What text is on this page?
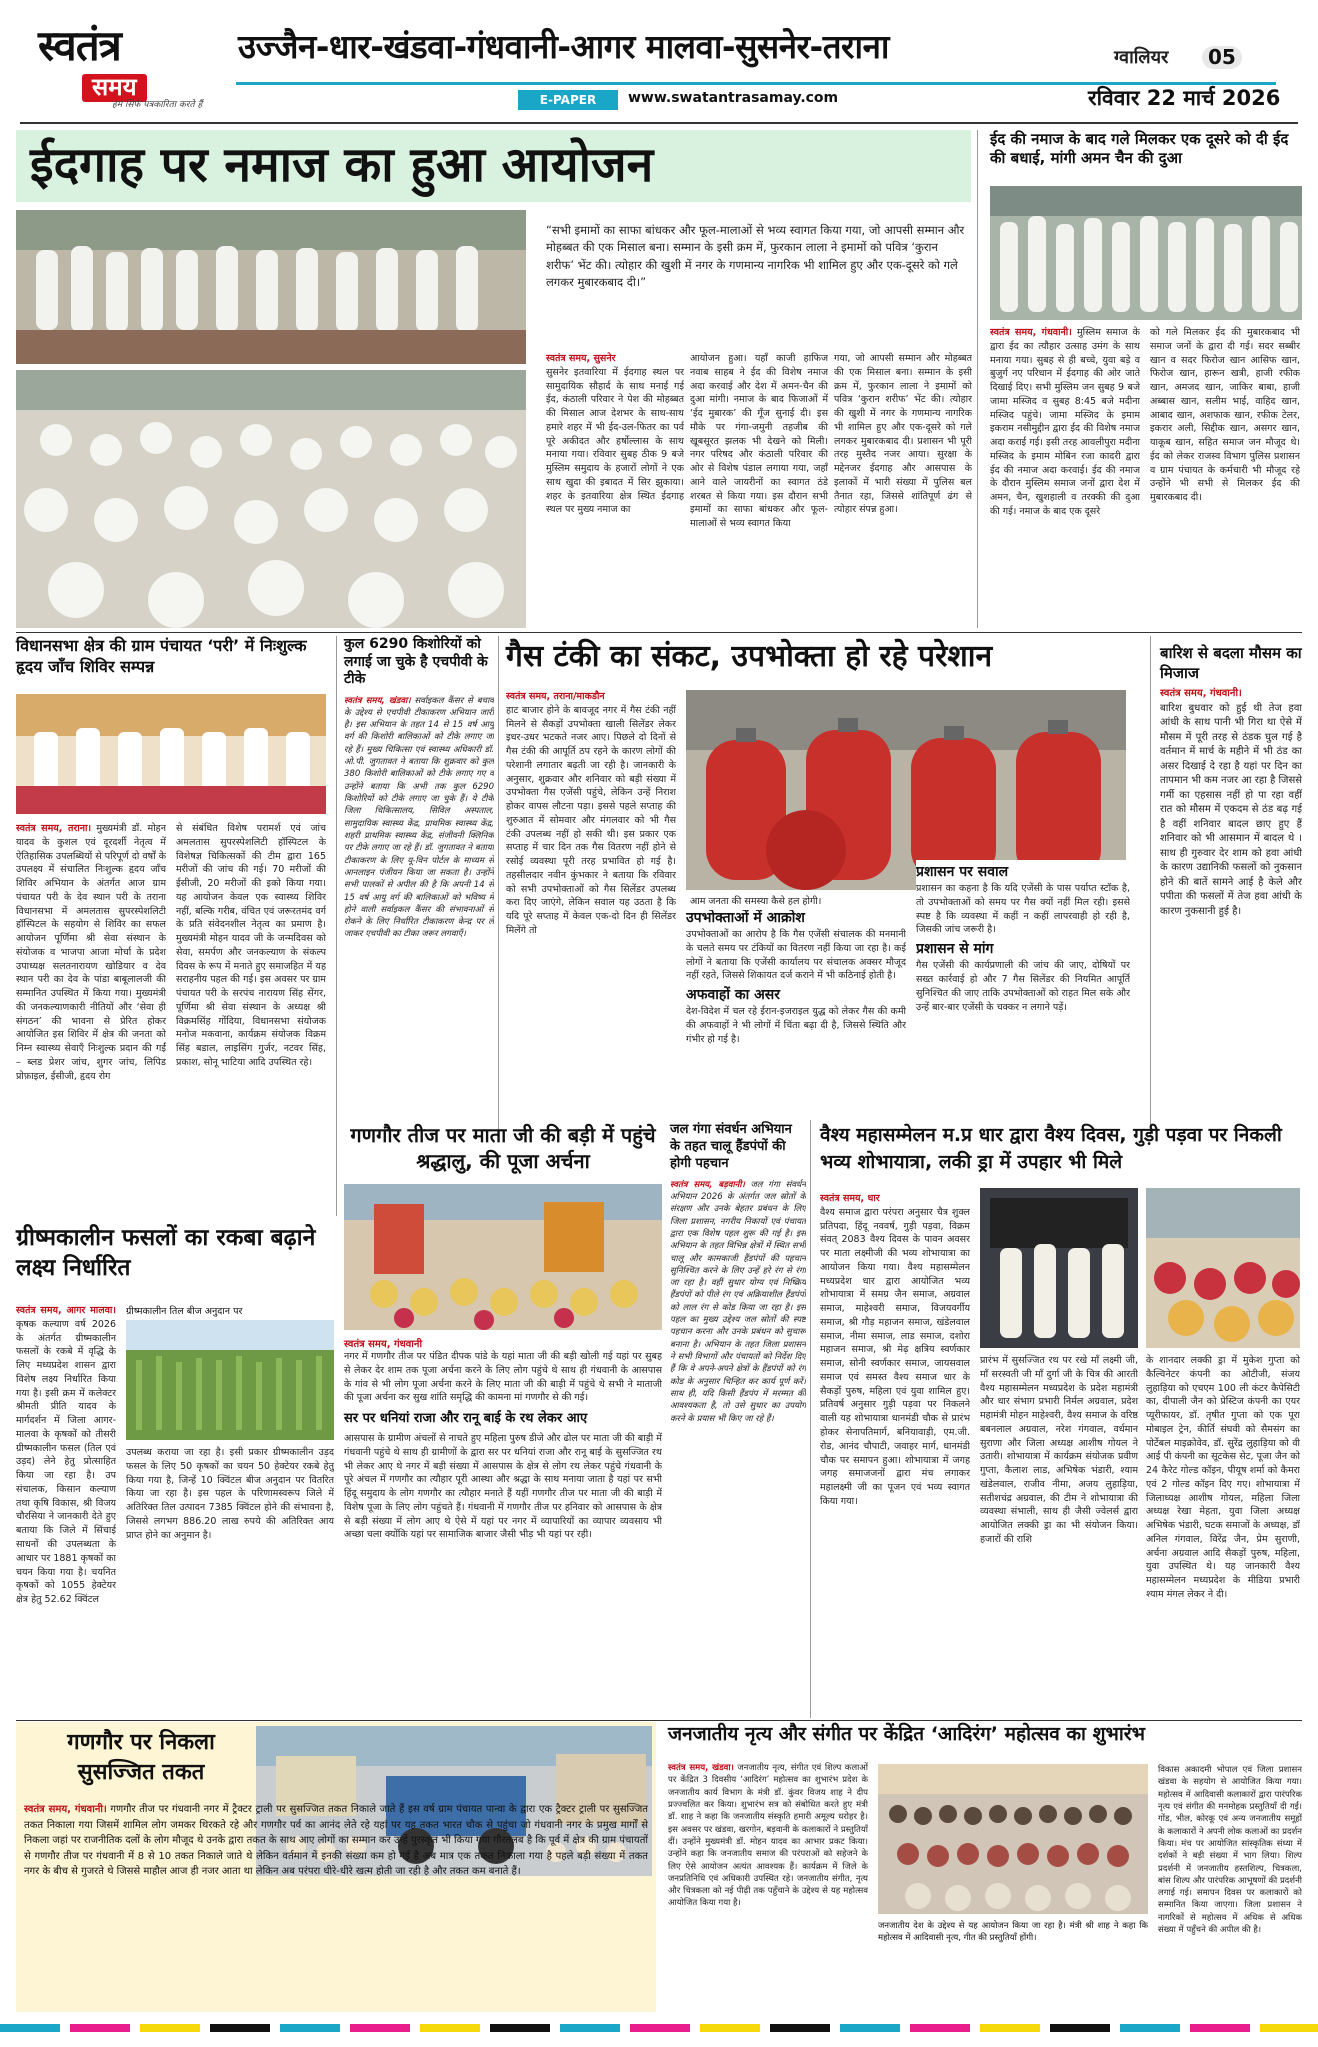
स्वतंत्र
समय
हम सिर्फ पत्रकारिता करते हैं
उज्जैन-धार-खंडवा-गंधवानी-आगर मालवा-सुसनेर-तराना	ग्वालियर	05
E-PAPER	www.swatantrasamay.com	रविवार 22 मार्च 2026
ईदगाह पर नमाज का हुआ आयोजन
“सभी इमामों का साफा बांधकर और फूल-मालाओं से भव्य स्वागत किया गया, जो आपसी सम्मान और मोहब्बत की एक मिसाल बना। सम्मान के इसी क्रम में, फुरकान लाला ने इमामों को पवित्र ‘कुरान शरीफ’ भेंट की। त्योहार की खुशी में नगर के गणमान्य नागरिक भी शामिल हुए और एक-दूसरे को गले लगकर मुबारकबाद दी।”
स्वतंत्र समय, सुसनेर
सुसनेर इतवारिया में ईदगाह स्थल पर सामुदायिक सौहार्द के साथ मनाई गई ईद, कंठाली परिवार ने पेश की मोहब्बत की मिसाल आज देशभर के साथ-साथ हमारे शहर में भी ईद-उल-फितर का पर्व पूरे अकीदत और हर्षोल्लास के साथ मनाया गया। रविवार सुबह ठीक 9 बजे मुस्लिम समुदाय के हजारों लोगों ने एक साथ खुदा की इबादत में सिर झुकाया। शहर के इतवारिया क्षेत्र स्थित ईदगाह स्थल पर मुख्य नमाज का
आयोजन हुआ। यहाँ काजी हाफिज नवाब साहब ने ईद की विशेष नमाज अदा करवाई और देश में अमन-चैन की दुआ मांगी। नमाज के बाद फिजाओं में ‘ईद मुबारक’ की गूँज सुनाई दी। इस मौके पर गंगा-जमुनी तहजीब की खूबसूरत झलक भी देखने को मिली। नगर परिषद और कंठाली परिवार की ओर से विशेष पंडाल लगाया गया, जहाँ आने वाले जायरीनों का स्वागत ठंडे शरबत से किया गया। इस दौरान सभी इमामों का साफा बांधकर और फूल-मालाओं से भव्य स्वागत किया
गया, जो आपसी सम्मान और मोहब्बत की एक मिसाल बना। सम्मान के इसी क्रम में, फुरकान लाला ने इमामों को पवित्र ‘कुरान शरीफ’ भेंट की। त्योहार की खुशी में नगर के गणमान्य नागरिक भी शामिल हुए और एक-दूसरे को गले लगकर मुबारकबाद दी। प्रशासन भी पूरी तरह मुस्तैद नजर आया। सुरक्षा के मद्देनजर ईदगाह और आसपास के इलाकों में भारी संख्या में पुलिस बल तैनात रहा, जिससे शांतिपूर्ण ढंग से त्योहार संपन्न हुआ।
ईद की नमाज के बाद गले मिलकर एक दूसरे को दी ईद की बधाई, मांगी अमन चैन की दुआ
स्वतंत्र समय, गंधवानी। मुस्लिम समाज के द्वारा ईद का त्यौहार उत्साह उमंग के साथ मनाया गया। सुबह से ही बच्चे, युवा बड़े व बुजुर्ग नए परिधान में ईदगाह की ओर जाते दिखाई दिए। सभी मुस्लिम जन सुबह 9 बजे जामा मस्जिद व सुबह 8:45 बजे मदीना मस्जिद पहुंचे। जामा मस्जिद के इमाम इकराम नसीमुद्दीन द्वारा ईद की विशेष नमाज अदा कराई गई। इसी तरह आवलीपुरा मदीना मस्जिद के इमाम मोबिन रजा कादरी द्वारा ईद की नमाज अदा करवाई। ईद की नमाज के दौरान मुस्लिम समाज जनों द्वारा देश में अमन, चैन, खुशहाली व तरक्की की दुआ की गई। नमाज के बाद एक दूसरे
को गले मिलकर ईद की मुबारकबाद भी समाज जनों के द्वारा दी गई। सदर सब्बीर खान व सदर फिरोज खान आसिफ खान, फिरोज खान, हारून खत्री, हाजी रफीक खान, अमजद खान, जाकिर बाबा, हाजी अब्बास खान, सलीम भाई, वाहिद खान, आबाद खान, अशफाक खान, रफीक टेलर, इकरार अली, सिद्दीक खान, असगर खान, याकूब खान, सहित समाज जन मौजूद थे। ईद को लेकर राजस्व विभाग पुलिस प्रशासन व ग्राम पंचायत के कर्मचारी भी मौजूद रहे उन्होंने भी सभी से मिलकर ईद की मुबारकबाद दी।
विधानसभा क्षेत्र की ग्राम पंचायत ‘परी’ में निःशुल्क हृदय जाँच शिविर सम्पन्न
स्वतंत्र समय, तराना। मुख्यमंत्री डॉ. मोहन यादव के कुशल एवं दूरदर्शी नेतृत्व में ऐतिहासिक उपलब्धियों से परिपूर्ण दो वर्षों के उपलक्ष्य में संचालित निःशुल्क हृदय जाँच शिविर अभियान के अंतर्गत आज ग्राम पंचायत परी के देव स्थान परी के तराना विधानसभा में अमलतास सुपरस्पेशलिटी हॉस्पिटल के सहयोग से शिविर का सफल आयोजन पूर्णिमा श्री सेवा संस्थान के संयोजक व भाजपा आजा मोर्चा के प्रदेश उपाध्यक्ष सलतनारायण खोडियार व देव स्थान परी का देव के पांडा बाबूलालजी की सम्मानित उपस्थित में किया गया। मुख्यमंत्री की जनकल्याणकारी नीतियों और ‘सेवा ही संगठन’ की भावना से प्रेरित होकर आयोजित इस शिविर में क्षेत्र की जनता को निम्न स्वास्थ्य सेवाएँ निःशुल्क प्रदान की गईं – ब्लड प्रेशर जांच, शुगर जांच, लिपिड प्रोफ़ाइल, ईसीजी, हृदय रोग
से संबंधित विशेष परामर्श एवं जांच अमलतास सुपरस्पेशलिटी हॉस्पिटल के विशेषज्ञ चिकित्सकों की टीम द्वारा 165 मरीजों की जांच की गई। 70 मरीजों की ईसीजी, 20 मरीजों की इको किया गया। यह आयोजन केवल एक स्वास्थ्य शिविर नहीं, बल्कि गरीब, वंचित एवं जरूरतमंद वर्ग के प्रति संवेदनशील नेतृत्व का प्रमाण है। मुख्यमंत्री मोहन यादव जी के जन्मदिवस को सेवा, समर्पण और जनकल्याण के संकल्प दिवस के रूप में मनाते हुए समाजहित में यह सराहनीय पहल की गई। इस अवसर पर ग्राम पंचायत परी के सरपंच नारायण सिंह सेंगर, पूर्णिमा श्री सेवा संस्थान के अध्यक्ष श्री विक्रमसिंह गोंदिया, विधानसभा संयोजक मनोज मकवाना, कार्यक्रम संयोजक विक्रम सिंह बडाल, लाइसिंग गुर्जर, नटवर सिंह, प्रकाश, सोनू भाटिया आदि उपस्थित रहे।
कुल 6290 किशोरियों को लगाई जा चुके है एचपीवी के टीके
स्वतंत्र समय, खंडवा। सर्वाइकल कैंसर से बचाव के उद्देश्य से एचपीवी टीकाकरण अभियान जारी है। इस अभियान के तहत 14 से 15 वर्ष आयु वर्ग की किशोरी बालिकाओं को टीके लगाए जा रहे हैं। मुख्य चिकित्सा एवं स्वास्थ्य अधिकारी डॉ. ओ.पी. जुगतावत ने बताया कि शुक्रवार को कुल 380 किशोरी बालिकाओं को टीके लगाए गए व उन्होंने बताया कि अभी तक कुल 6290 किशोरियों को टीके लगाए जा चुके हैं। ये टीके जिला चिकित्सालय, सिविल अस्पताल, सामुदायिक स्वास्थ्य केंद्र, प्राथमिक स्वास्थ्य केंद्र, शहरी प्राथमिक स्वास्थ्य केंद्र, संजीवनी क्लिनिक पर टीके लगाए जा रहे हैं। डॉ. जुगतावत ने बताया टीकाकरण के लिए यू-विन पोर्टल के माध्यम से आनलाइन पंजीयन किया जा सकता है। उन्होंने सभी पालकों से अपील की है कि अपनी 14 से 15 वर्ष आयु वर्ग की बालिकाओं को भविष्य में होने वाली सर्वाइकल कैंसर की संभावनाओं से रोकने के लिए निर्धारित टीकाकरण केन्द्र पर ले जाकर एचपीवी का टीका जरूर लगवाएँ।
गैस टंकी का संकट, उपभोक्ता हो रहे परेशान
स्वतंत्र समय, तराना/माकडौन
हाट बाजार होने के बावजूद नगर में गैस टंकी नहीं मिलने से सैकड़ों उपभोक्ता खाली सिलेंडर लेकर इधर-उधर भटकते नजर आए। पिछले दो दिनों से गैस टंकी की आपूर्ति ठप रहने के कारण लोगों की परेशानी लगातार बढ़ती जा रही है। जानकारी के अनुसार, शुक्रवार और शनिवार को बड़ी संख्या में उपभोक्ता गैस एजेंसी पहुंचे, लेकिन उन्हें निराश होकर वापस लौटना पड़ा। इससे पहले सप्ताह की शुरुआत में सोमवार और मंगलवार को भी गैस टंकी उपलब्ध नहीं हो सकी थी। इस प्रकार एक सप्ताह में चार दिन तक गैस वितरण नहीं होने से रसोई व्यवस्था पूरी तरह प्रभावित हो गई है। तहसीलदार नवीन कुंभकार ने बताया कि रविवार को सभी उपभोक्ताओं को गैस सिलेंडर उपलब्ध करा दिए जाएंगे, लेकिन सवाल यह उठता है कि यदि पूरे सप्ताह में केवल एक-दो दिन ही सिलेंडर मिलेंगे तो
आम जनता की समस्या कैसे हल होगी।
उपभोक्ताओं में आक्रोश
उपभोक्ताओं का आरोप है कि गैस एजेंसी संचालक की मनमानी के चलते समय पर टंकियों का वितरण नहीं किया जा रहा है। कई लोगों ने बताया कि एजेंसी कार्यालय पर संचालक अक्सर मौजूद नहीं रहते, जिससे शिकायत दर्ज कराने में भी कठिनाई होती है।
अफवाहों का असर
देश-विदेश में चल रहे ईरान-इजराइल युद्ध को लेकर गैस की कमी की अफवाहों ने भी लोगों में चिंता बढ़ा दी है, जिससे स्थिति और गंभीर हो गई है।
प्रशासन पर सवाल
प्रशासन का कहना है कि यदि एजेंसी के पास पर्याप्त स्टॉक है, तो उपभोक्ताओं को समय पर गैस क्यों नहीं मिल रही। इससे स्पष्ट है कि व्यवस्था में कहीं न कहीं लापरवाही हो रही है, जिसकी जांच जरूरी है।
प्रशासन से मांग
गैस एजेंसी की कार्यप्रणाली की जांच की जाए, दोषियों पर सख्त कार्रवाई हो और 7 गैस सिलेंडर की नियमित आपूर्ति सुनिश्चित की जाए ताकि उपभोक्ताओं को राहत मिल सके और उन्हें बार-बार एजेंसी के चक्कर न लगाने पड़ें।
बारिश से बदला मौसम का मिजाज
स्वतंत्र समय, गंधवानी।
बारिश बुधवार को हुई थी तेज हवा आंधी के साथ पानी भी गिरा था ऐसे में मौसम में पूरी तरह से ठंडक घुल गई है वर्तमान में मार्च के महीने में भी ठंड का असर दिखाई दे रहा है यहां पर दिन का तापमान भी कम नजर आ रहा है जिससे गर्मी का एहसास नहीं हो पा रहा वहीं रात को मौसम में एकदम से ठंड बढ़ गई है वहीं शनिवार बादल छाए हुए हैं शनिवार को भी आसमान में बादल थे । साथ ही गुरुवार देर शाम को हवा आंधी के कारण उद्यानिकी फसलों को नुकसान होने की बातें सामने आई है केले और पपीता की फसलों में तेज हवा आंधी के कारण नुकसानी हुई है।
गणगौर तीज पर माता जी की बड़ी में पहुंचे श्रद्धालु, की पूजा अर्चना
स्वतंत्र समय, गंधवानी
नगर में गणगौर तीज पर पंडित दीपक पांडे के यहां माता जी की बड़ी खोली गई यहां पर सुबह से लेकर देर शाम तक पूजा अर्चना करने के लिए लोग पहुंचे थे साथ ही गंधवानी के आसपास के गांव से भी लोग पूजा अर्चना करने के लिए माता जी की बाड़ी में पहुंचे थे सभी ने माताजी की पूजा अर्चना कर सुख शांति समृद्धि की कामना मां गणगौर से की गई।
सर पर धनियां राजा और रानू बाई के रथ लेकर आए
आसपास के ग्रामीण अंचलों से नाचते हुए महिला पुरुष डीजे और ढोल पर माता जी की बाड़ी में गंधवानी पहुंचे थे साथ ही ग्रामीणों के द्वारा सर पर धनियां राजा और रानू बाई के सुसज्जित रथ भी लेकर आए थे नगर में बड़ी संख्या में आसपास के क्षेत्र से लोग रथ लेकर पहुंचे गंधवानी के पूरे अंचल में गणगौर का त्यौहार पूरी आस्था और श्रद्धा के साथ मनाया जाता है यहां पर सभी हिंदू समुदाय के लोग गणगौर का त्यौहार मनाते हैं यहीं गणगौर तीज पर माता जी की बाड़ी में विशेष पूजा के लिए लोग पहुंचते हैं। गंधवानी में गणगौर तीज पर हनिवार को आसपास के क्षेत्र से बड़ी संख्या में लोग आए थे ऐसे में यहां पर नगर में व्यापारियों का व्यापार व्यवसाय भी अच्छा चला क्योंकि यहां पर सामाजिक बाजार जैसी भीड़ भी यहां पर रही।
जल गंगा संवर्धन अभियान के तहत चालू हैंडपंपों की होगी पहचान
स्वतंत्र समय, बड़वानी। जल गंगा संवर्धन अभियान 2026 के अंतर्गत जल स्रोतों के संरक्षण और उनके बेहतर प्रबंधन के लिए जिला प्रशासन, नगरीय निकायों एवं पंचायत द्वारा एक विशेष पहल शुरू की गई है। इस अभियान के तहत विभिन्न क्षेत्रों में स्थित सभी चालू और कामकाजी हैंडपंपों की पहचान सुनिश्चित करने के लिए उन्हें हरे रंग से रंगा जा रहा है। वहीं सुधार योग्य एवं निष्क्रिय हैंडपंपों को पीले रंग एवं अक्रियाशील हैंडपंपों को लाल रंग से कोड किया जा रहा है। इस पहल का मुख्य उद्देश्य जल स्रोतों की स्पष्ट पहचान करना और उनके प्रबंधन को सुचारू बनाना है। अभियान के तहत जिला प्रशासन ने सभी विभागों और पंचायतों को निर्देश दिए हैं कि वे अपने-अपने क्षेत्रों के हैंडपंपों को रंग कोड के अनुसार चिन्हित कर कार्य पूर्ण करें। साथ ही, यदि किसी हैंडपंप में मरम्मत की आवश्यकता है, तो उसे सुधार का उपयोग करने के प्रयास भी किए जा रहे हैं।
वैश्य महासम्मेलन म.प्र धार द्वारा वैश्य दिवस, गुड़ी पड़वा पर निकली भव्य शोभायात्रा, लकी ड्रा में उपहार भी मिले
स्वतंत्र समय, धार
वैश्य समाज द्वारा परंपरा अनुसार चैत्र शुक्ल प्रतिपदा, हिंदू नववर्ष, गुड़ी पड़वा, विक्रम संवत् 2083 वैश्य दिवस के पावन अवसर पर माता लक्ष्मीजी की भव्य शोभायात्रा का आयोजन किया गया। वैश्य महासम्मेलन मध्यप्रदेश धार द्वारा आयोजित भव्य शोभायात्रा में समग्र जैन समाज, अग्रवाल समाज, माहेश्वरी समाज, विजयवर्गीय समाज, श्री गौड़ महाजन समाज, खंडेलवाल समाज, नीमा समाज, लाड समाज, दशोरा महाजन समाज, श्री मेढ़ क्षत्रिय स्वर्णकार समाज, सोनी स्वर्णकार समाज, जायसवाल समाज एवं समस्त वैश्य समाज धार के सैकड़ों पुरुष, महिला एवं युवा शामिल हुए। प्रतिवर्ष अनुसार गुड़ी पड़वा पर निकलने वाली यह शोभायात्रा धानमंडी चौक से प्रारंभ होकर सेनापतिमार्ग, बनियावाड़ी, एम.जी. रोड, आनंद चौपाटी, जवाहर मार्ग, धानमंडी चौक पर समापन हुआ। शोभायात्रा में जगह जगह समाजजनों द्वारा मंच लगाकर महालक्ष्मी जी का पूजन एवं भव्य स्वागत किया गया।
प्रारंभ में सुसज्जित रथ पर रखे माँ लक्ष्मी जी, माँ सरस्वती जी माँ दुर्गा जी के चित्र की आरती वैश्य महासम्मेलन मध्यप्रदेश के प्रदेश महामंत्री और धार संभाग प्रभारी निर्मल अग्रवाल, प्रदेश महामंत्री मोहन माहेश्वरी, वैश्य समाज के वरिष्ठ बबनलाल अग्रवाल, नरेश गंगवाल, वर्धमान सुराणा और जिला अध्यक्ष आशीष गोयल ने उतारी। शोभायात्रा में कार्यक्रम संयोजक प्रवीण गुप्ता, कैलाश लाड, अभिषेक भंडारी, श्याम खंडेलवाल, राजीव नीमा, अजय लुहाड़िया, सतीशचंद्र अग्रवाल, की टीम ने शोभायात्रा की व्यवस्था संभाली, साथ ही जैसी ज्वेलर्स द्वारा आयोजित लक्की ड्रा का भी संयोजन किया। हजारों की राशि
के शानदार लक्की ड्रा में मुकेश गुप्ता को कैल्विनेटर कंपनी का ओटीजी, संजय लुहाड़िया को एचएम 100 ली कंटर कैपेसिटी का, दीपाली जैन को प्रेस्टिज कंपनी का एयर प्यूरीफायर, डॉ. तृषीत गुप्ता को एक पूरा मोबाइल ट्रेन, कीर्ति संघवी को सैमसंग का पोर्टेबल माइक्रोवेव, डॉ. सुरेंद्र लुहाड़िया को वी आई पी कंपनी का सूटकेस सेट, पूजा जैन को 24 कैरेट गोल्ड कॉइन, पीयूष शर्मा को कैमरा एवं 2 गोल्ड कॉइन दिए गए। शोभायात्रा में जिलाध्यक्ष आशीष गोयल, महिला जिला अध्यक्ष रेखा मेहता, युवा जिला अध्यक्ष अभिषेक भंडारी, घटक समाजों के अध्यक्ष, डॉ अनिल गंगवाल, विरेंद्र जैन, प्रेम सुराणी, अर्चना अग्रवाल आदि सैकड़ों पुरुष, महिला, युवा उपस्थित थे। यह जानकारी वैश्य महासम्मेलन मध्यप्रदेश के मीडिया प्रभारी श्याम मंगल लेकर ने दी।
ग्रीष्मकालीन फसलों का रकबा बढ़ाने लक्ष्य निर्धारित
स्वतंत्र समय, आगर मालवा। कृषक कल्याण वर्ष 2026 के अंतर्गत ग्रीष्मकालीन फसलों के रकबे में वृद्धि के लिए मध्यप्रदेश शासन द्वारा विशेष लक्ष्य निर्धारित किया गया है। इसी क्रम में कलेक्टर श्रीमती प्रीति यादव के मार्गदर्शन में जिला आगर-मालवा के कृषकों को तीसरी ग्रीष्मकालीन फसल (तिल एवं उड़द) लेने हेतु प्रोत्साहित किया जा रहा है। उप संचालक, किसान कल्याण तथा कृषि विकास, श्री विजय चौरसिया ने जानकारी देते हुए बताया कि जिले में सिंचाई साधनों की उपलब्धता के आधार पर 1881 कृषकों का चयन किया गया है। चयनित कृषकों को 1055 हेक्टेयर क्षेत्र हेतु 52.62 क्विंटल
ग्रीष्मकालीन तिल बीज अनुदान पर
उपलब्ध कराया जा रहा है। इसी प्रकार ग्रीष्मकालीन उड़द फसल के लिए 50 कृषकों का चयन 50 हेक्टेयर रकबे हेतु किया गया है, जिन्हें 10 क्विंटल बीज अनुदान पर वितरित किया जा रहा है। इस पहल के परिणामस्वरूप जिले में अतिरिक्त तिल उत्पादन 7385 क्विंटल होने की संभावना है, जिससे लगभग 886.20 लाख रुपये की अतिरिक्त आय प्राप्त होने का अनुमान है।
गणगौर पर निकला सुसज्जित तकत
स्वतंत्र समय, गंधवानी। गणगौर तीज पर गंधवानी नगर में ट्रैक्टर ट्राली पर सुसज्जित तकत निकाले जाते हैं इस वर्ष ग्राम पंचायत पान्वा के द्वारा एक ट्रैक्टर ट्राली पर सुसज्जित तकत निकाला गया जिसमें शामिल लोग जमकर थिरकते रहे और गणगौर पर्व का आनंद लेते रहे यहां पर यह तकत भारत चौक से पहुंचा जो गंधवानी नगर के प्रमुख मार्गों से निकला जहां पर राजनीतिक दलों के लोग मौजूद थे उनके द्वारा तकत के साथ आए लोगों का सम्मान कर उन्हें पुरस्कृत भी किया गया गौरतलब है कि पूर्व में क्षेत्र की ग्राम पंचायतों से गणगौर तीज पर गंधवानी में 8 से 10 तकत निकाले जाते थे लेकिन वर्तमान में इनकी संख्या कम हो गई है अब मात्र एक तकत निकाला गया है पहले बड़ी संख्या में तकत नगर के बीच से गुजरते थे जिससे माहौल आज ही नजर आता था लेकिन अब परंपरा धीरे-धीरे खत्म होती जा रही है और तकत कम बनाते हैं।
जनजातीय नृत्य और संगीत पर केंद्रित ‘आदिरंग’ महोत्सव का शुभारंभ
स्वतंत्र समय, खंडवा। जनजातीय नृत्य, संगीत एवं शिल्प कलाओं पर केंद्रित 3 दिवसीय ‘आदिरंग’ महोत्सव का शुभारंभ प्रदेश के जनजातीय कार्य विभाग के मंत्री डॉ. कुंवर विजय शाह ने दीप प्रज्ज्वलित कर किया। शुभारंभ सत्र को संबोधित करते हुए मंत्री डॉ. शाह ने कहा कि जनजातीय संस्कृति हमारी अमूल्य धरोहर है। इस अवसर पर खंडवा, खरगोन, बड़वानी के कलाकारों ने प्रस्तुतियाँ दीं। उन्होंने मुख्यमंत्री डॉ. मोहन यादव का आभार प्रकट किया। उन्होंने कहा कि जनजातीय समाज की परंपराओं को सहेजने के लिए ऐसे आयोजन अत्यंत आवश्यक हैं। कार्यक्रम में जिले के जनप्रतिनिधि एवं अधिकारी उपस्थित रहे। जनजातीय संगीत, नृत्य और चित्रकला को नई पीढ़ी तक पहुँचाने के उद्देश्य से यह महोत्सव आयोजित किया गया है।
जनजातीय देश के उद्देश्य से यह आयोजन किया जा रहा है। मंत्री श्री शाह ने कहा कि महोत्सव में आदिवासी नृत्य, गीत की प्रस्तुतियाँ होंगी।
विकास अकादमी भोपाल एवं जिला प्रशासन खंडवा के सहयोग से आयोजित किया गया। महोत्सव में आदिवासी कलाकारों द्वारा पारंपरिक नृत्य एवं संगीत की मनमोहक प्रस्तुतियाँ दी गईं। गोंड, भील, कोरकू एवं अन्य जनजातीय समूहों के कलाकारों ने अपनी लोक कलाओं का प्रदर्शन किया। मंच पर आयोजित सांस्कृतिक संध्या में दर्शकों ने बड़ी संख्या में भाग लिया। शिल्प प्रदर्शनी में जनजातीय हस्तशिल्प, चित्रकला, बांस शिल्प और पारंपरिक आभूषणों की प्रदर्शनी लगाई गई। समापन दिवस पर कलाकारों को सम्मानित किया जाएगा। जिला प्रशासन ने नागरिकों से महोत्सव में अधिक से अधिक संख्या में पहुँचने की अपील की है।
